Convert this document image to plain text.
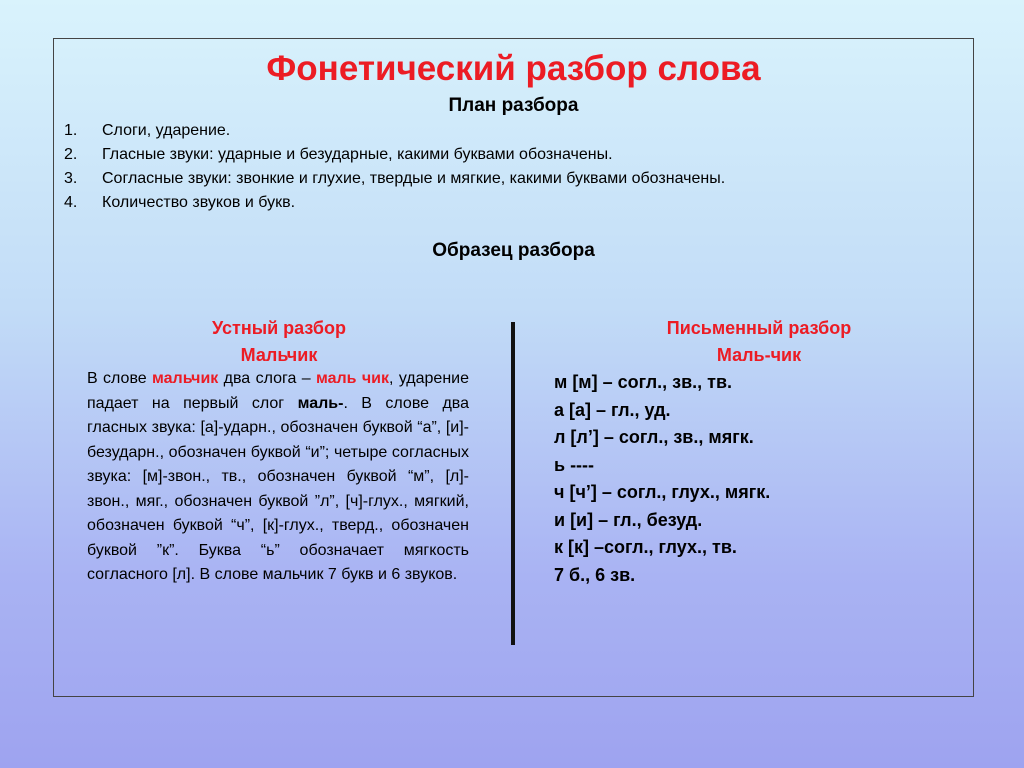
Фонетический разбор слова
План разбора
1.	Слоги, ударение.
2.	Гласные звуки: ударные и безударные, какими буквами обозначены.
3.	Согласные звуки: звонкие и глухие, твердые и мягкие, какими буквами обозначены.
4.	Количество звуков и букв.
Образец разбора
Устный разбор
Мальчик

В слове мальчик два слога – маль чик, ударение падает на первый слог маль-. В слове два гласных звука: [а]-ударн., обозначен буквой “а”, [и]-безударн., обозначен буквой “и”; четыре согласных звука: [м]-звон., тв., обозначен буквой “м”, [л]-звон., мяг., обозначен буквой ”л”, [ч]-глух., мягкий, обозначен буквой “ч”, [к]-глух., тверд., обозначен буквой ”к”. Буква “ь” обозначает мягкость согласного [л]. В слове мальчик 7 букв и 6 звуков.

Письменный разбор
Маль-чик
м [м] – согл., зв., тв.
а [а] – гл., уд.
л [л’] – согл., зв., мягк.
ь ----
ч [ч’] – согл., глух., мягк.
и [и] – гл., безуд.
к [к] –согл., глух., тв.
7 б., 6 зв.
